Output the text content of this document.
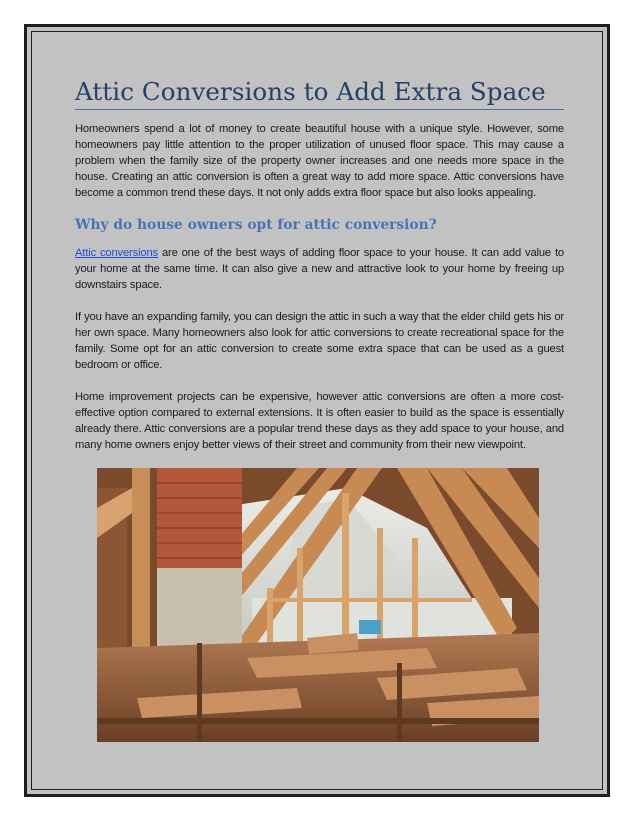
Attic Conversions to Add Extra Space

Homeowners spend a lot of money to create beautiful house with a unique style. However, some homeowners pay little attention to the proper utilization of unused floor space. This may cause a problem when the family size of the property owner increases and one needs more space in the house. Creating an attic conversion is often a great way to add more space. Attic conversions have become a common trend these days. It not only adds extra floor space but also looks appealing.

Why do house owners opt for attic conversion?

Attic conversions are one of the best ways of adding floor space to your house. It can add value to your home at the same time. It can also give a new and attractive look to your home by freeing up downstairs space.

If you have an expanding family, you can design the attic in such a way that the elder child gets his or her own space. Many homeowners also look for attic conversions to create recreational space for the family. Some opt for an attic conversion to create some extra space that can be used as a guest bedroom or office.

Home improvement projects can be expensive, however attic conversions are often a more cost-effective option compared to external extensions. It is often easier to build as the space is essentially already there. Attic conversions are a popular trend these days as they add space to your house, and many home owners enjoy better views of their street and community from their new viewpoint.
